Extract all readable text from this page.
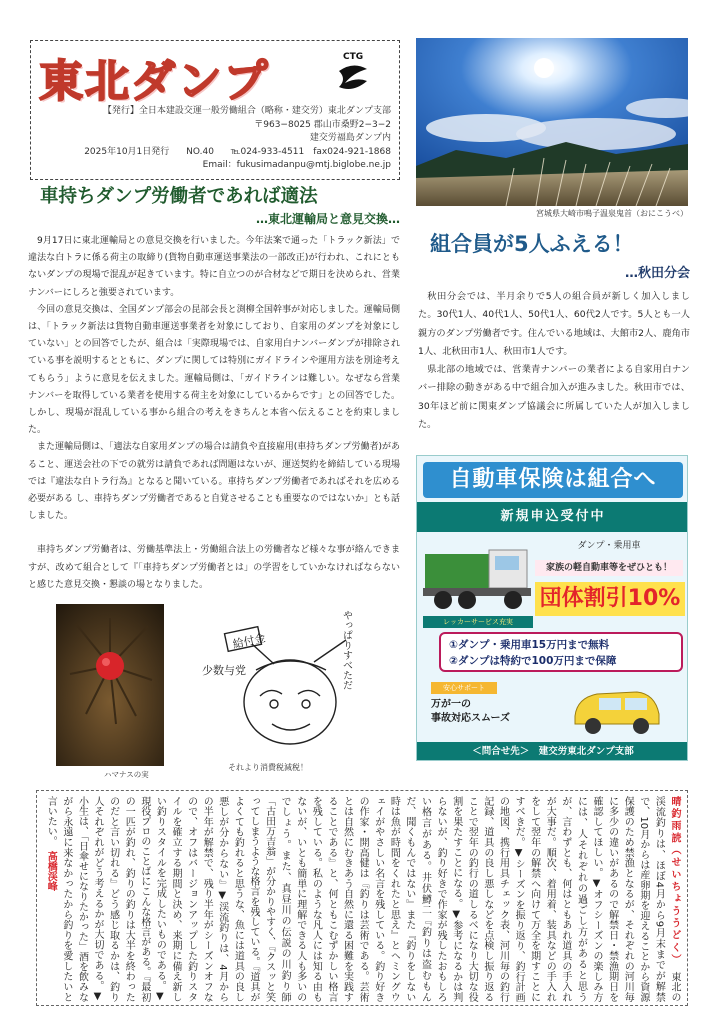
東北ダンプ	CTG
【発行】全日本建設交運一般労働組合（略称・建交労）東北ダンプ支部
〒963−8025 郡山市桑野2−3−2
建交労福島ダンプ内
2025年10月1日発行 NO.40 ℡024-933-4511　fax024-921-1868
Email：fukusimadanpu@mtj.biglobe.ne.jp
宮城県大崎市鳴子温泉鬼首（おにこうべ）
車持ちダンプ労働者であれば適法
…東北運輸局と意見交換…

9月17日に東北運輸局との意見交換を行いました。今年法案で通った「トラック新法」で違法な白トラに係る荷主の取締り(貨物自動車運送事業法の一部改正)が行われ、これにともないダンプの現場で混乱が起きています。特に自立つのが合材などで期日を決められ、営業ナンバーにしろと強要されています。

今回の意見交換は、全国ダンプ部会の昆部会長と渕柳全国幹事が対応しました。運輸局側は、「トラック新法は貨物自動車運送事業者を対象にしており、自家用のダンプを対象にしていない」との回答でしたが、組合は「実際現場では、自家用白ナンバーダンプが排除されている事を説明するとともに、ダンプに関しては特別にガイドラインや運用方法を別途考えてもらう」ように意見を伝えました。運輸局側は、「ガイドラインは難しい。なぜなら営業ナンバーを取得している業者を使用する荷主を対象にしているからです」との回答でした。しかし、現場が混乱している事から組合の考えをきちんと本省へ伝えることを約束しました。

また運輸局側は、「適法な自家用ダンプの場合は請負や直接雇用(車持ちダンプ労働者)があること、運送会社の下での就労は請負であれば問題はないが、運送契約を締結している現場では『違法な白トラ行為』となると聞いている。車持ちダンプ労働者であればそれを広める必要がある し、車持ちダンプ労働者であると自覚させることも重要なのではないか」とも話しました。

車持ちダンプ労働者は、労働基準法上・労働組合法上の労働者など様々な事が絡んできますが、改めて組合として『「車持ちダンプ労働者とは」の学習をしていかなければならないと感じた意見交換・懇談の場となりました。

ハマナスの実
給付金	やっぱりすべただ
少数与党
それより消費税減税！
組合員が5人ふえる！
…秋田分会

秋田分会では、半月余りで5人の組合員が新しく加入しました。30代1人、40代1人、50代1人、60代2人です。5人とも一人親方のダンプ労働者です。住んでいる地域は、大館市2人、鹿角市1人、北秋田市1人、秋田市1人です。

県北部の地域では、営業青ナンバーの業者による自家用白ナンバー排除の動きがある中で組合加入が進みました。秋田市では、30年ほど前に関東ダンプ協議会に所属していた人が加入しました。

自動車保険は組合へ
新規申込受付中
ダンプ・乗用車
家族の軽自動車等をぜひとも！
団体割引10%
レッカーサービス充実
①ダンプ・乗用車15万円まで無料
②ダンプは特約で100万円まで保障
安心サポート
万が一の
事故対応スムーズ
＜問合せ先＞　建交労東北ダンプ支部
晴釣雨読（せいちょううどく）　東北の渓流釣りは、ほぼ4月から9月末までが解禁で、10月からは産卵期を迎えることから資源保護のため禁漁となるが、それぞれの河川毎に多少の違いがあるので解禁日・禁漁期日を確認してほしい。▼オフシーズンの楽しみ方には、人それぞれの過ごし方があると思うが、言わずとも、何はともあれ道具の手入れが大事だ。順次、着用着、装具などの手入れをして翌年の解禁へ向けて万全を期すことにすべきだ。▼シーズンを振り返り、釣行計画の地図、携行用具チェック表、河川毎の釣行記録、道具の良し悪しなどを点検し振り返ることで翌年の釣行の道しるべになり大切な役割を果たすことになる。▼参考になるかは判らないが、釣り好きで作家が残したおもしろい格言がある。井伏鱒二『釣りは盗むもんだ、聞くもんではない』また『釣りをしない時は魚が時間をくれたと思え』とヘミングウェイがやさしい名言を残している。釣り好きの作家・開高健は『釣りは芸術である。芸術とは自然にむきあう自然に還る困難を実践することである』と、何ともこむずかしい格言を残している。私のような凡人には知る由もないが、いとも簡単に理解できる人も多いのでしょう。また、真昼川の伝説の川釣り師「古田万吉翁」が分かりやすく、『クスッと笑ってしまうような格言を残している。『道具がよくても釣れると思うな、魚には道具の良し悪しが分からない』▼渓流釣りは、4月からの半年が解禁で、残り半年がシーズンオフなので、オフはバージョンアップした釣りスタイルを確立する期間と決め、来期に備え新しい釣りスタイルを完成したいものである。▼現役プロのことばにこんな格言がある。『最初の一匹が釣れ、釣りの釣りは大半を終わったのだと言い切れる』どう感じ取るかは、釣り人それぞれがどう考えるかが大切である。▼小生は、「日傘せになりたかった」酒を飲みながら永遠に来なかったから釣りを愛したいと言いたい。　高橋渓峰
